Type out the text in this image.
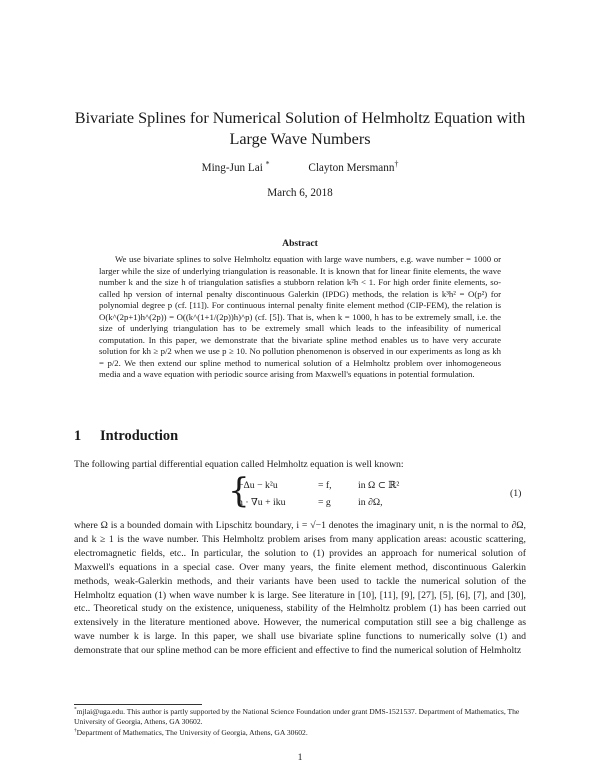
Bivariate Splines for Numerical Solution of Helmholtz Equation with Large Wave Numbers
Ming-Jun Lai *	Clayton Mersmann†
March 6, 2018
Abstract

We use bivariate splines to solve Helmholtz equation with large wave numbers, e.g. wave number = 1000 or larger while the size of underlying triangulation is reasonable. It is known that for linear finite elements, the wave number k and the size h of triangulation satisfies a stubborn relation k²h < 1. For high order finite elements, so-called hp version of internal penalty discontinuous Galerkin (IPDG) methods, the relation is k³h² = O(p²) for polynomial degree p (cf. [11]). For continuous internal penalty finite element method (CIP-FEM), the relation is O(k^(2p+1)h^(2p)) = O((k^(1+1/(2p))h)^p) (cf. [5]). That is, when k = 1000, h has to be extremely small, i.e. the size of underlying triangulation has to be extremely small which leads to the infeasibility of numerical computation. In this paper, we demonstrate that the bivariate spline method enables us to have very accurate solution for kh ≥ p/2 when we use p ≥ 10. No pollution phenomenon is observed in our experiments as long as kh = p/2. We then extend our spline method to numerical solution of a Helmholtz problem over inhomogeneous media and a wave equation with periodic source arising from Maxwell's equations in potential formulation.

1 Introduction

The following partial differential equation called Helmholtz equation is well known:

{
−Δu − k²u	= f,	in Ω ⊂ ℝ²
n · ∇u + iku	= g	in ∂Ω,
(1)

where Ω is a bounded domain with Lipschitz boundary, i = √−1 denotes the imaginary unit, n is the normal to ∂Ω, and k ≥ 1 is the wave number. This Helmholtz problem arises from many application areas: acoustic scattering, electromagnetic fields, etc.. In particular, the solution to (1) provides an approach for numerical solution of Maxwell's equations in a special case. Over many years, the finite element method, discontinuous Galerkin methods, weak-Galerkin methods, and their variants have been used to tackle the numerical solution of the Helmholtz equation (1) when wave number k is large. See literature in [10], [11], [9], [27], [5], [6], [7], and [30], etc.. Theoretical study on the existence, uniqueness, stability of the Helmholtz problem (1) has been carried out extensively in the literature mentioned above. However, the numerical computation still see a big challenge as wave number k is large. In this paper, we shall use bivariate spline functions to numerically solve (1) and demonstrate that our spline method can be more efficient and effective to find the numerical solution of Helmholtz

*mjlai@uga.edu. This author is partly supported by the National Science Foundation under grant DMS-1521537. Department of Mathematics, The University of Georgia, Athens, GA 30602.
†Department of Mathematics, The University of Georgia, Athens, GA 30602.
1
